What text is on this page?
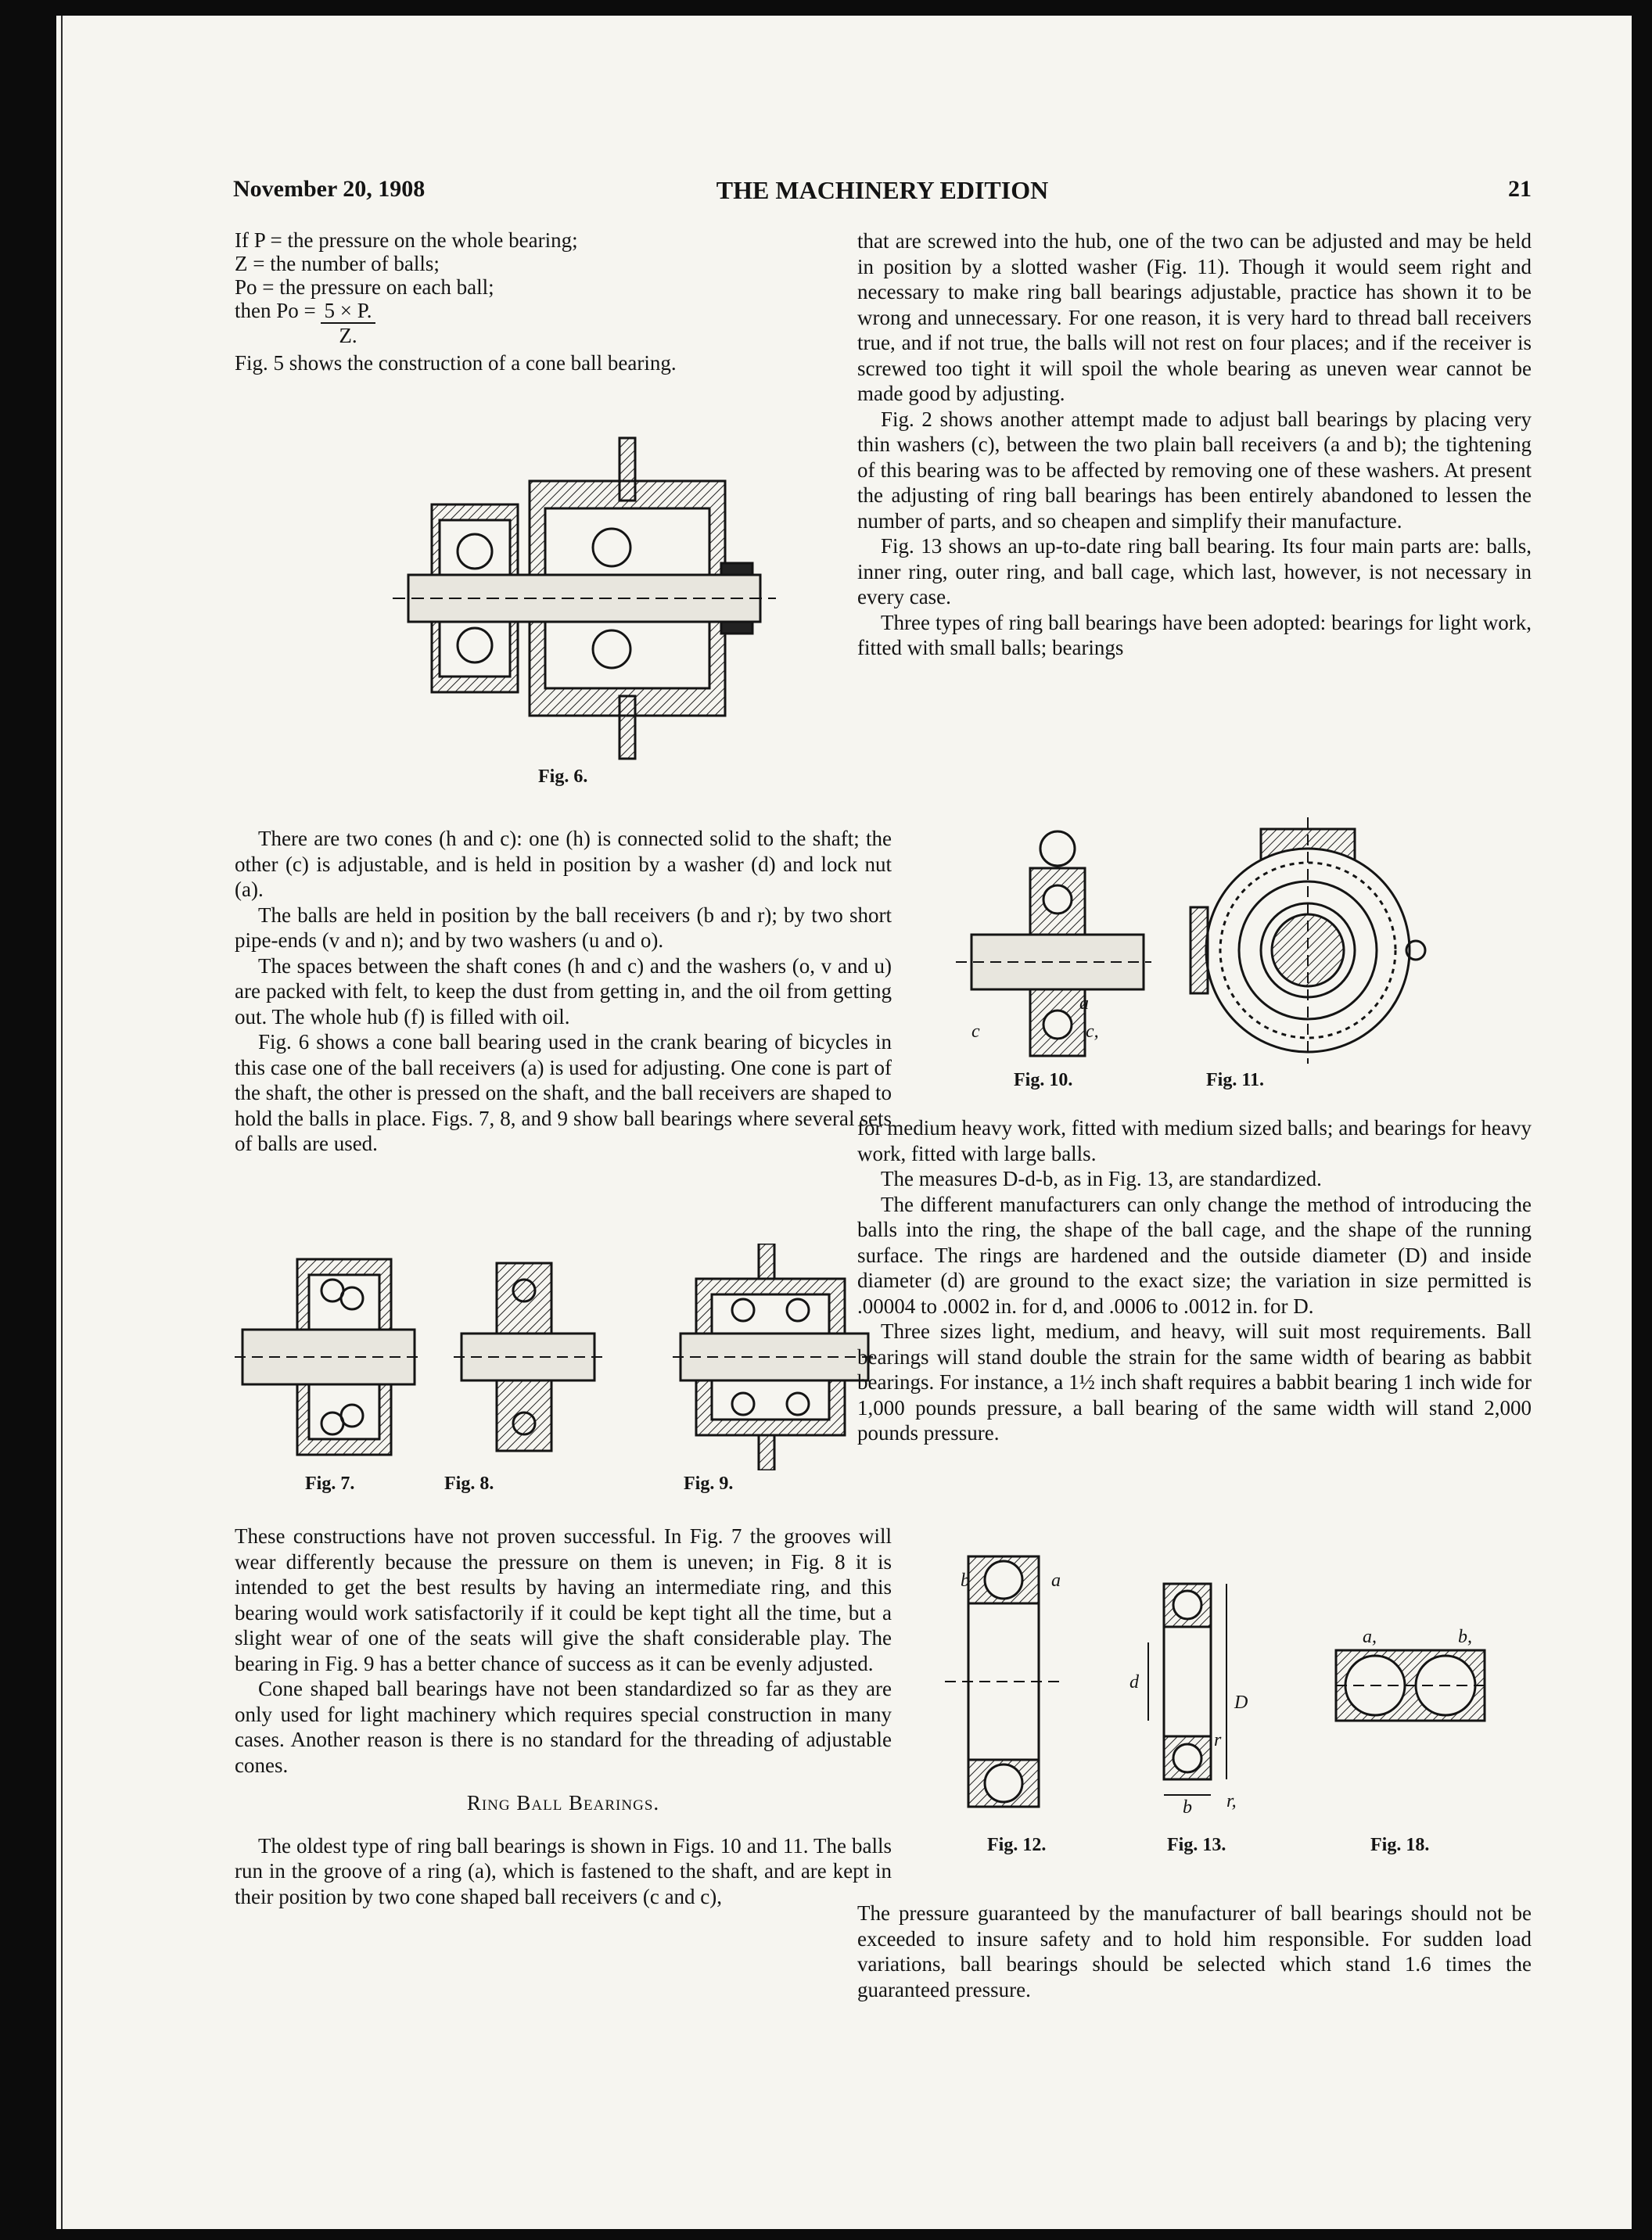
November 20, 1908	THE MACHINERY EDITION	21
If P = the pressure on the whole bearing;
Z = the number of balls;
Po = the pressure on each ball;
then $Po = \frac{5 \times P.}{Z.}$

Fig. 5 shows the construction of a cone ball bearing.

Fig. 6.

There are two cones (h and c): one (h) is connected solid to the shaft; the other (c) is adjustable, and is held in position by a washer (d) and lock nut (a).

The balls are held in position by the ball receivers (b and r); by two short pipe-ends (v and n); and by two washers (u and o).

The spaces between the shaft cones (h and c) and the washers (o, v and u) are packed with felt, to keep the dust from getting in, and the oil from getting out. The whole hub (f) is filled with oil.

Fig. 6 shows a cone ball bearing used in the crank bearing of bicycles in this case one of the ball receivers (a) is used for adjusting. One cone is part of the shaft, the other is pressed on the shaft, and the ball receivers are shaped to hold the balls in place. Figs. 7, 8, and 9 show ball bearings where several sets of balls are used.

Fig. 7.	Fig. 8.	Fig. 9.

These constructions have not proven successful. In Fig. 7 the grooves will wear differently because the pressure on them is uneven; in Fig. 8 it is intended to get the best results by having an intermediate ring, and this bearing would work satisfactorily if it could be kept tight all the time, but a slight wear of one of the seats will give the shaft considerable play. The bearing in Fig. 9 has a better chance of success as it can be evenly adjusted.

Cone shaped ball bearings have not been standardized so far as they are only used for light machinery which requires special construction in many cases. Another reason is there is no standard for the threading of adjustable cones.

Ring Ball Bearings.

The oldest type of ring ball bearings is shown in Figs. 10 and 11. The balls run in the groove of a ring (a), which is fastened to the shaft, and are kept in their position by two cone shaped ball receivers (c and c),

that are screwed into the hub, one of the two can be adjusted and may be held in position by a slotted washer (Fig. 11). Though it would seem right and necessary to make ring ball bearings adjustable, practice has shown it to be wrong and unnecessary. For one reason, it is very hard to thread ball receivers true, and if not true, the balls will not rest on four places; and if the receiver is screwed too tight it will spoil the whole bearing as uneven wear cannot be made good by adjusting.

Fig. 2 shows another attempt made to adjust ball bearings by placing very thin washers (c), between the two plain ball receivers (a and b); the tightening of this bearing was to be affected by removing one of these washers. At present the adjusting of ring ball bearings has been entirely abandoned to lessen the number of parts, and so cheapen and simplify their manufacture.

Fig. 13 shows an up-to-date ring ball bearing. Its four main parts are: balls, inner ring, outer ring, and ball cage, which last, however, is not necessary in every case.

Three types of ring ball bearings have been adopted: bearings for light work, fitted with small balls; bearings

a
c	c,
Fig. 10.	Fig. 11.

for medium heavy work, fitted with medium sized balls; and bearings for heavy work, fitted with large balls.

The measures D-d-b, as in Fig. 13, are standardized.

The different manufacturers can only change the method of introducing the balls into the ring, the shape of the ball cage, and the shape of the running surface. The rings are hardened and the outside diameter (D) and inside diameter (d) are ground to the exact size; the variation in size permitted is .00004 to .0002 in. for d, and .0006 to .0012 in. for D.

Three sizes light, medium, and heavy, will suit most requirements. Ball bearings will stand double the strain for the same width of bearing as babbit bearings. For instance, a 1½ inch shaft requires a babbit bearing 1 inch wide for 1,000 pounds pressure, a ball bearing of the same width will stand 2,000 pounds pressure.

b	a
d
D
r
b r,
a,	b,
Fig. 12.	Fig. 13.	Fig. 18.

The pressure guaranteed by the manufacturer of ball bearings should not be exceeded to insure safety and to hold him responsible. For sudden load variations, ball bearings should be selected which stand 1.6 times the guaranteed pressure.
